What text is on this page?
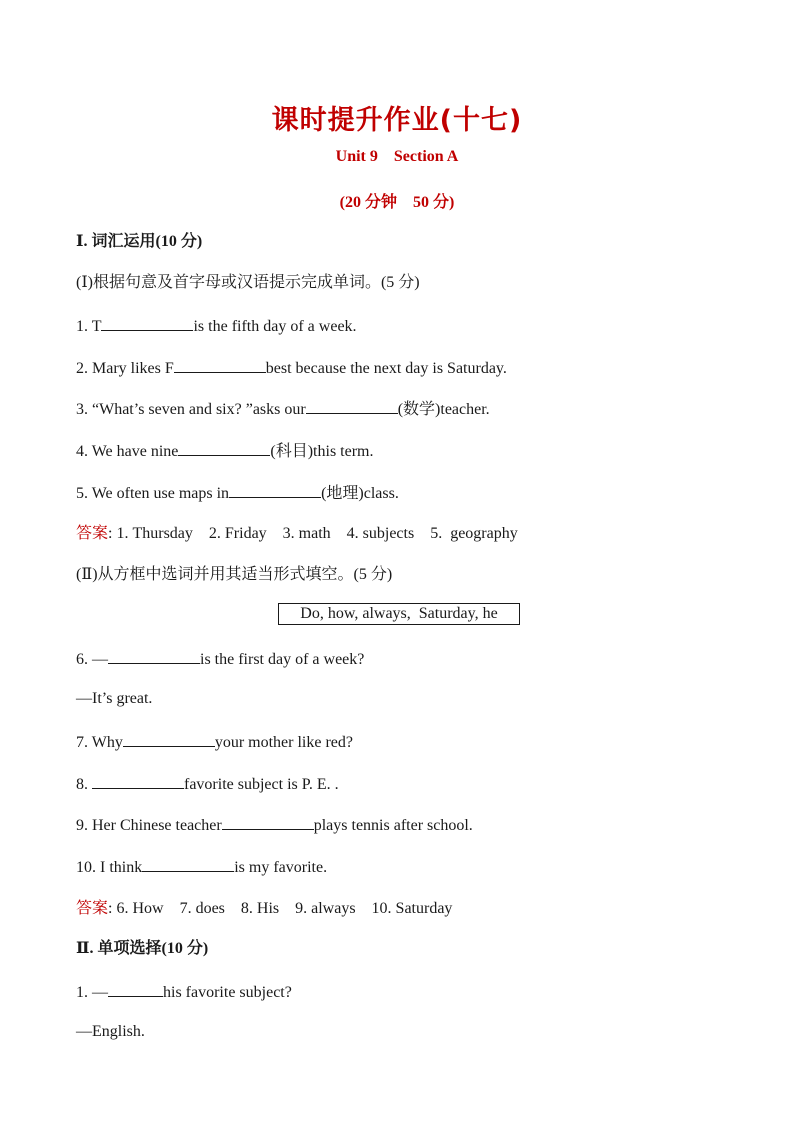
课时提升作业(十七)
Unit 9    Section A
(20 分钟    50 分)
Ⅰ. 词汇运用(10 分)
(Ⅰ)根据句意及首字母或汉语提示完成单词。(5 分)
1. T	is the fifth day of a week.
2. Mary likes F	best because the next day is Saturday.
3. “What’s seven and six? ”asks our	(数学)teacher.
4. We have nine	(科目)this term.
5. We often use maps in	(地理)class.
答案: 1. Thursday    2. Friday    3. math    4. subjects    5.  geography
(Ⅱ)从方框中选词并用其适当形式填空。(5 分)
Do, how, always,  Saturday, he
6. —	is the first day of a week?
—It’s great.
7. Why	your mother like red?
8.	favorite subject is P. E. .
9. Her Chinese teacher	plays tennis after school.
10. I think	is my favorite.
答案: 6. How    7. does    8. His    9. always    10. Saturday
Ⅱ. 单项选择(10 分)
1. —	his favorite subject?
—English.
